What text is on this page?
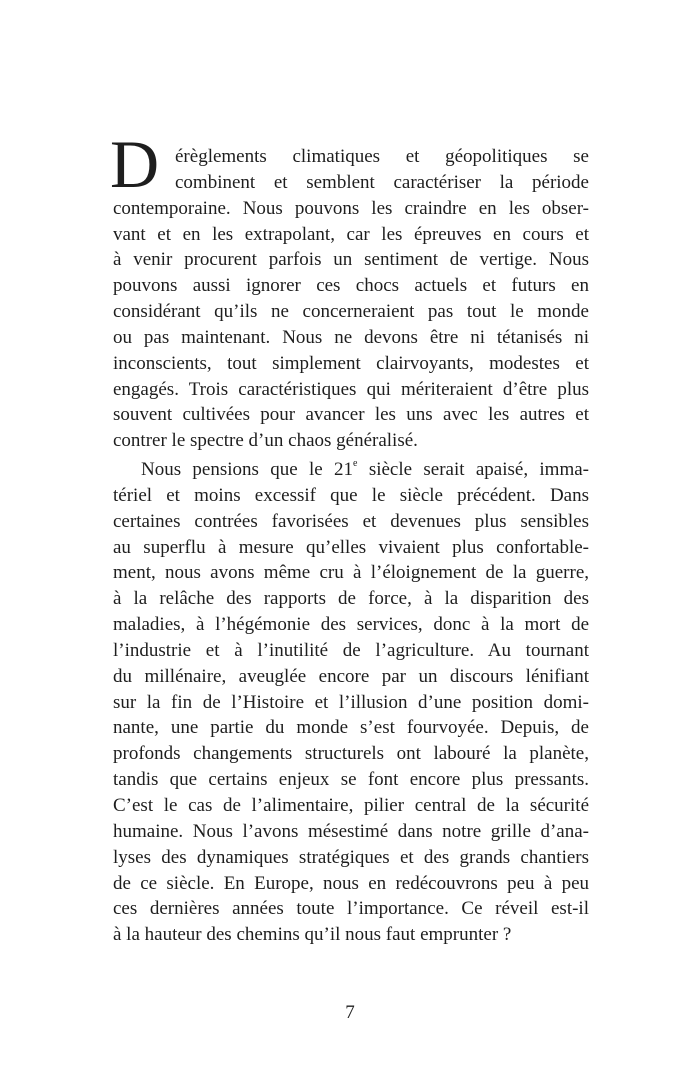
D érèglements climatiques et géopolitiques se
combinent et semblent caractériser la période
contemporaine. Nous pouvons les craindre en les obser-
vant et en les extrapolant, car les épreuves en cours et
à venir procurent parfois un sentiment de vertige. Nous
pouvons aussi ignorer ces chocs actuels et futurs en
considérant qu’ils ne concerneraient pas tout le monde
ou pas maintenant. Nous ne devons être ni tétanisés ni
inconscients, tout simplement clairvoyants, modestes et
engagés. Trois caractéristiques qui mériteraient d’être plus
souvent cultivées pour avancer les uns avec les autres et
contrer le spectre d’un chaos généralisé.
Nous pensions que le 21e siècle serait apaisé, imma-
tériel et moins excessif que le siècle précédent. Dans
certaines contrées favorisées et devenues plus sensibles
au superflu à mesure qu’elles vivaient plus confortable-
ment, nous avons même cru à l’éloignement de la guerre,
à la relâche des rapports de force, à la disparition des
maladies, à l’hégémonie des services, donc à la mort de
l’industrie et à l’inutilité de l’agriculture. Au tournant
du millénaire, aveuglée encore par un discours lénifiant
sur la fin de l’Histoire et l’illusion d’une position domi-
nante, une partie du monde s’est fourvoyée. Depuis, de
profonds changements structurels ont labouré la planète,
tandis que certains enjeux se font encore plus pressants.
C’est le cas de l’alimentaire, pilier central de la sécurité
humaine. Nous l’avons mésestimé dans notre grille d’ana-
lyses des dynamiques stratégiques et des grands chantiers
de ce siècle. En Europe, nous en redécouvrons peu à peu
ces dernières années toute l’importance. Ce réveil est-il
à la hauteur des chemins qu’il nous faut emprunter ?
7
